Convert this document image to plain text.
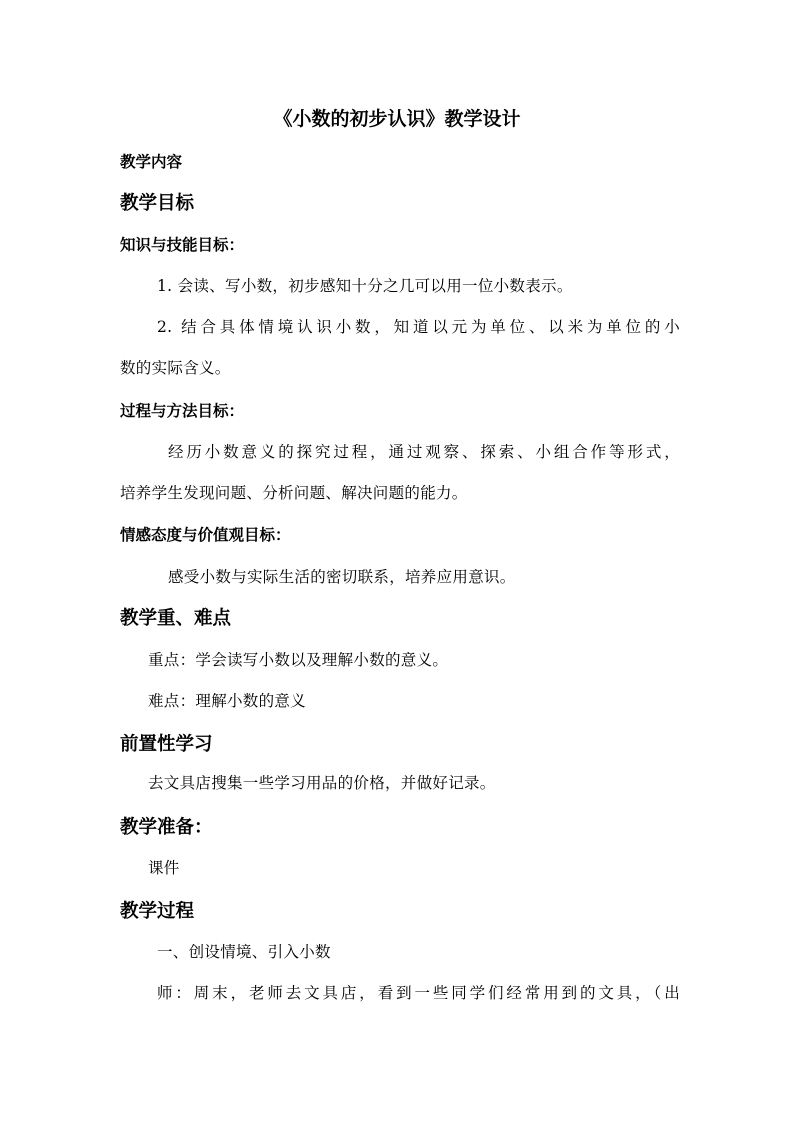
《小数的初步认识》教学设计
教学内容
教学目标
知识与技能目标：
1. 会读、写小数，初步感知十分之几可以用一位小数表示。
2. 结合具体情境认识小数，知道以元为单位、以米为单位的小
数的实际含义。
过程与方法目标：
经历小数意义的探究过程，通过观察、探索、小组合作等形式，
培养学生发现问题、分析问题、解决问题的能力。
情感态度与价值观目标：
感受小数与实际生活的密切联系，培养应用意识。
教学重、难点
重点：学会读写小数以及理解小数的意义。
难点：理解小数的意义
前置性学习
去文具店搜集一些学习用品的价格，并做好记录。
教学准备：
课件
教学过程
一、创设情境、引入小数
师：周末，老师去文具店，看到一些同学们经常用到的文具，（出
